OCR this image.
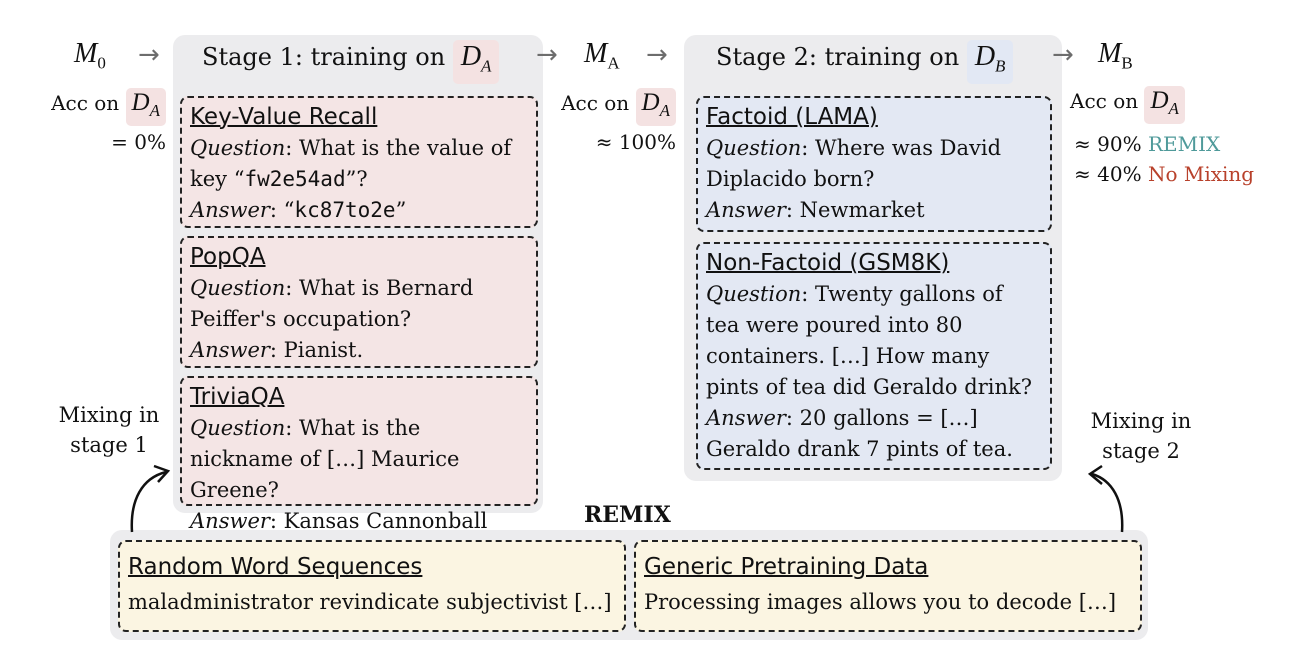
$M_0$ → Stage 1: training on $D_A$	→ $M_A$ → Stage 2: training on $D_B$	→ $M_B$
Acc on $D_A$
= 0%
Acc on $D_A$
≈ 100%
Acc on $D_A$
≈ 90% REMIX
≈ 40% No Mixing
Key-Value Recall
Question: What is the value of key “fw2e54ad”?
Answer: “kc87to2e”
PopQA
Question: What is Bernard Peiffer's occupation?
Answer: Pianist.
TriviaQA
Question: What is the nickname of […] Maurice Greene?
Answer: Kansas Cannonball
Factoid (LAMA)
Question: Where was David Diplacido born?
Answer: Newmarket
Non-Factoid (GSM8K)
Question: Twenty gallons of tea were poured into 80 containers. […] How many pints of tea did Geraldo drink?
Answer: 20 gallons = […] Geraldo drank 7 pints of tea.
Mixing in
stage 1
Mixing in
stage 2
REMIX
Random Word Sequences
maladministrator revindicate subjectivist […]
Generic Pretraining Data
Processing images allows you to decode […]
